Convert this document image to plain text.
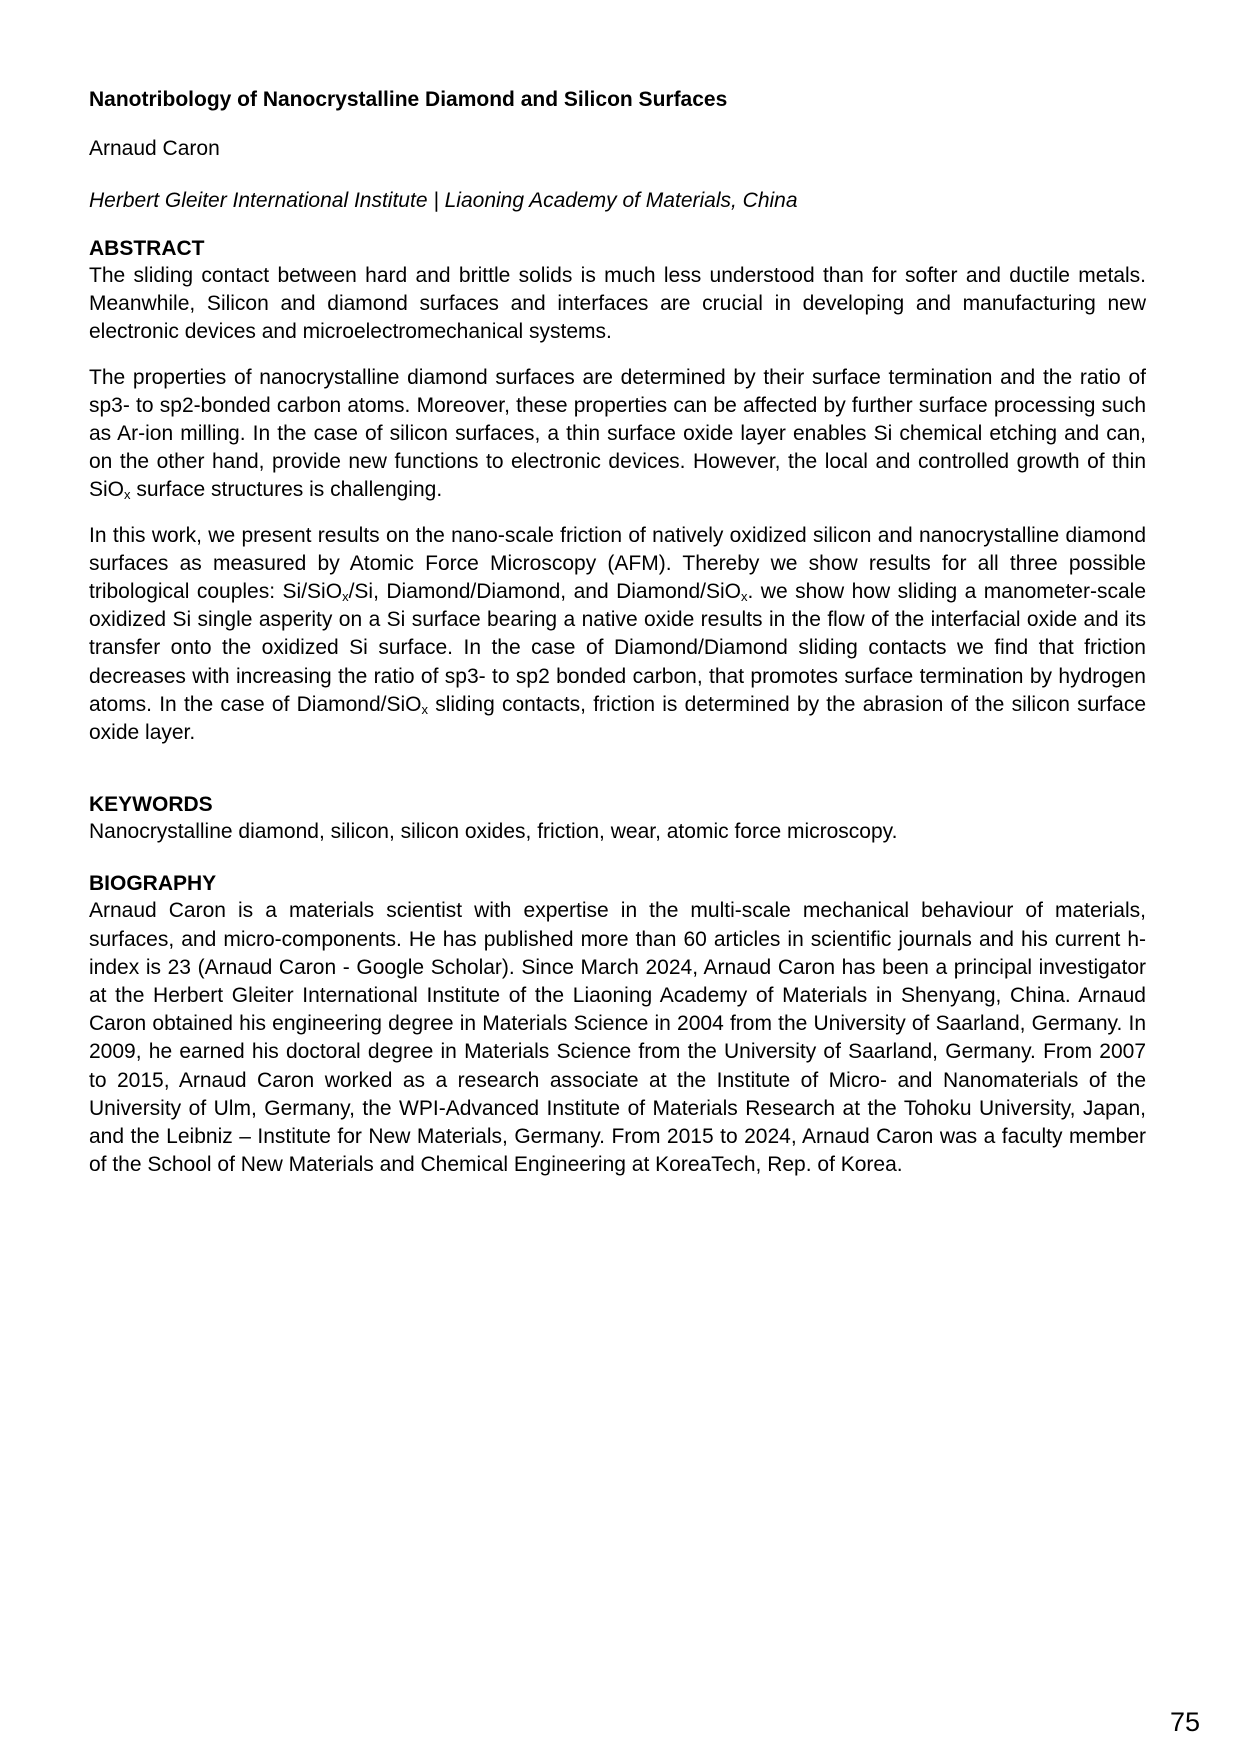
Nanotribology of Nanocrystalline Diamond and Silicon Surfaces

Arnaud Caron

Herbert Gleiter International Institute | Liaoning Academy of Materials, China

ABSTRACT

The sliding contact between hard and brittle solids is much less understood than for softer and ductile metals. Meanwhile, Silicon and diamond surfaces and interfaces are crucial in developing and manufacturing new electronic devices and microelectromechanical systems.

The properties of nanocrystalline diamond surfaces are determined by their surface termination and the ratio of sp3- to sp2-bonded carbon atoms. Moreover, these properties can be affected by further surface processing such as Ar-ion milling. In the case of silicon surfaces, a thin surface oxide layer enables Si chemical etching and can, on the other hand, provide new functions to electronic devices. However, the local and controlled growth of thin SiO$_x$ surface structures is challenging.

In this work, we present results on the nano-scale friction of natively oxidized silicon and nanocrystalline diamond surfaces as measured by Atomic Force Microscopy (AFM). Thereby we show results for all three possible tribological couples: Si/SiO$_x$/Si, Diamond/Diamond, and Diamond/SiO$_x$. we show how sliding a manometer-scale oxidized Si single asperity on a Si surface bearing a native oxide results in the flow of the interfacial oxide and its transfer onto the oxidized Si surface. In the case of Diamond/Diamond sliding contacts we find that friction decreases with increasing the ratio of sp3- to sp2 bonded carbon, that promotes surface termination by hydrogen atoms. In the case of Diamond/SiO$_x$ sliding contacts, friction is determined by the abrasion of the silicon surface oxide layer.

KEYWORDS

Nanocrystalline diamond, silicon, silicon oxides, friction, wear, atomic force microscopy.

BIOGRAPHY

Arnaud Caron is a materials scientist with expertise in the multi-scale mechanical behaviour of materials, surfaces, and micro-components. He has published more than 60 articles in scientific journals and his current h-index is 23 (Arnaud Caron - Google Scholar). Since March 2024, Arnaud Caron has been a principal investigator at the Herbert Gleiter International Institute of the Liaoning Academy of Materials in Shenyang, China. Arnaud Caron obtained his engineering degree in Materials Science in 2004 from the University of Saarland, Germany. In 2009, he earned his doctoral degree in Materials Science from the University of Saarland, Germany. From 2007 to 2015, Arnaud Caron worked as a research associate at the Institute of Micro- and Nanomaterials of the University of Ulm, Germany, the WPI-Advanced Institute of Materials Research at the Tohoku University, Japan, and the Leibniz – Institute for New Materials, Germany. From 2015 to 2024, Arnaud Caron was a faculty member of the School of New Materials and Chemical Engineering at KoreaTech, Rep. of Korea.

75
